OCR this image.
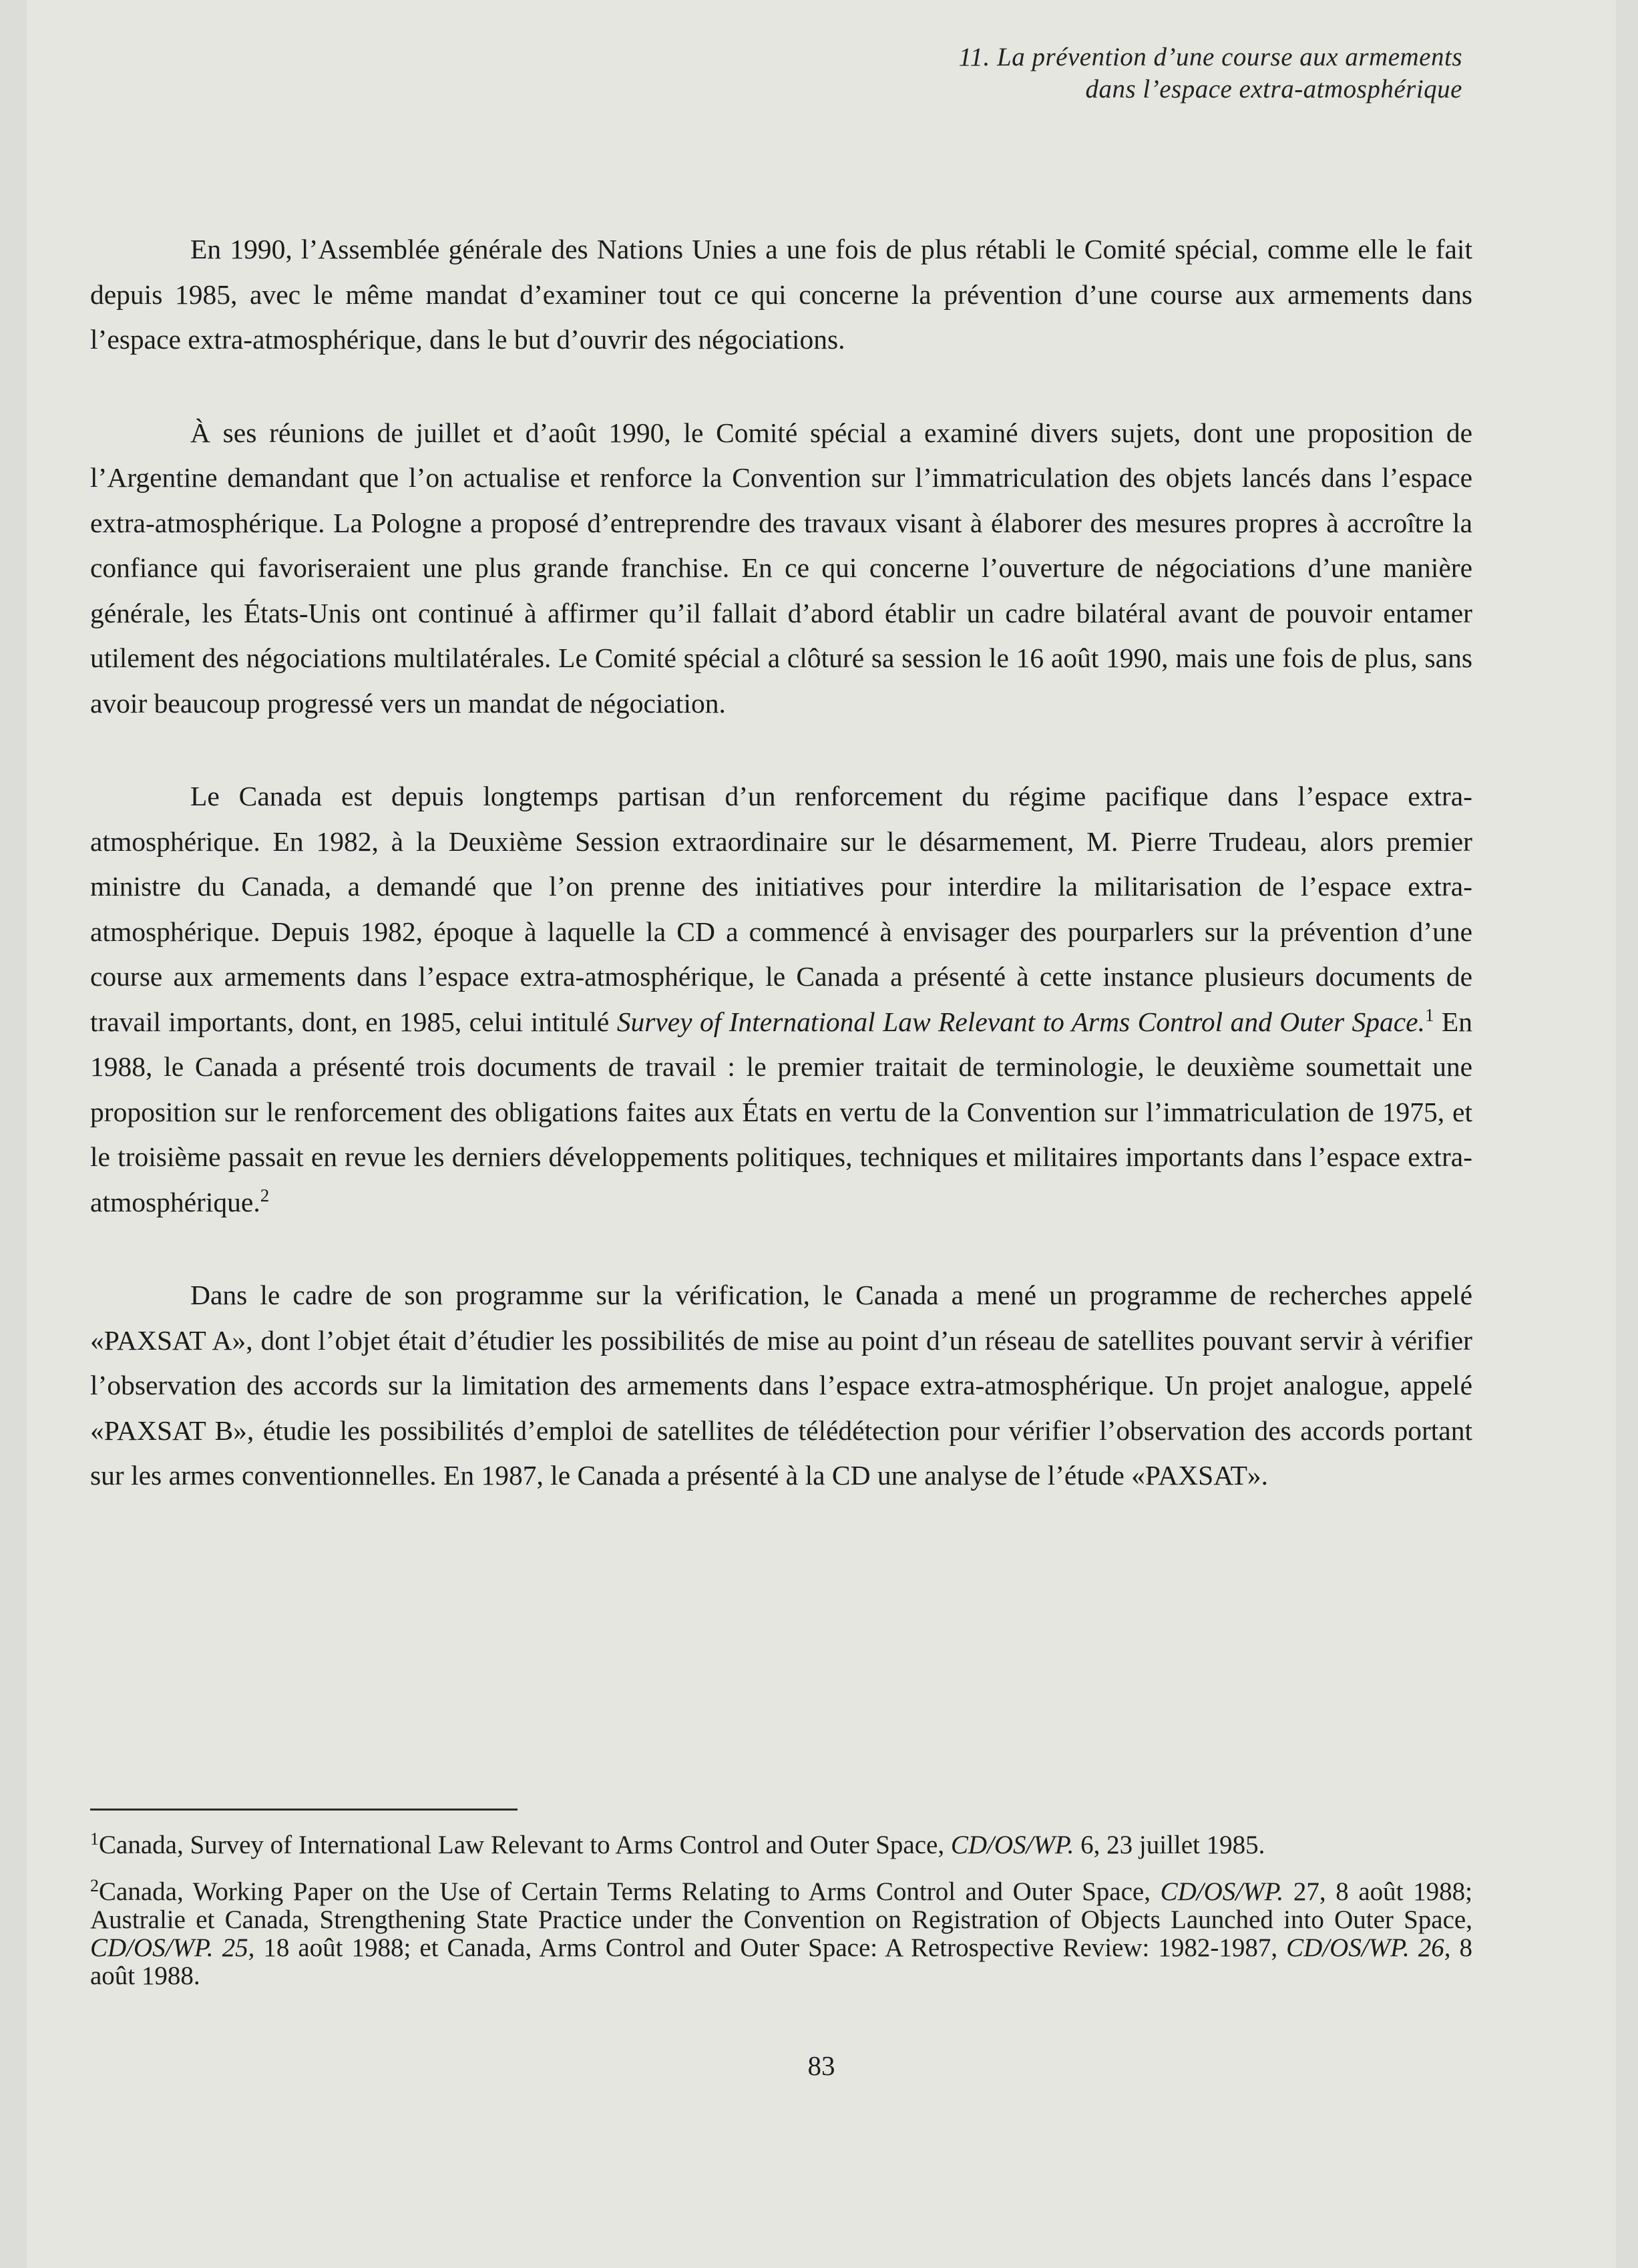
11. La prévention d’une course aux armements
dans l’espace extra-atmosphérique

En 1990, l’Assemblée générale des Nations Unies a une fois de plus rétabli le Comité spécial, comme elle le fait depuis 1985, avec le même mandat d’examiner tout ce qui concerne la prévention d’une course aux armements dans l’espace extra-atmosphérique, dans le but d’ouvrir des négociations.

À ses réunions de juillet et d’août 1990, le Comité spécial a examiné divers sujets, dont une proposition de l’Argentine demandant que l’on actualise et renforce la Convention sur l’immatriculation des objets lancés dans l’espace extra-atmosphérique. La Pologne a proposé d’entreprendre des travaux visant à élaborer des mesures propres à accroître la confiance qui favoriseraient une plus grande franchise. En ce qui concerne l’ouverture de négociations d’une manière générale, les États-Unis ont continué à affirmer qu’il fallait d’abord établir un cadre bilatéral avant de pouvoir entamer utilement des négociations multilatérales. Le Comité spécial a clôturé sa session le 16 août 1990, mais une fois de plus, sans avoir beaucoup progressé vers un mandat de négociation.

Le Canada est depuis longtemps partisan d’un renforcement du régime pacifique dans l’espace extra-atmosphérique. En 1982, à la Deuxième Session extraordinaire sur le désarmement, M. Pierre Trudeau, alors premier ministre du Canada, a demandé que l’on prenne des initiatives pour interdire la militarisation de l’espace extra-atmosphérique. Depuis 1982, époque à laquelle la CD a commencé à envisager des pourparlers sur la prévention d’une course aux armements dans l’espace extra-atmosphérique, le Canada a présenté à cette instance plusieurs documents de travail importants, dont, en 1985, celui intitulé Survey of International Law Relevant to Arms Control and Outer Space.$^1$ En 1988, le Canada a présenté trois documents de travail : le premier traitait de terminologie, le deuxième soumettait une proposition sur le renforcement des obligations faites aux États en vertu de la Convention sur l’immatriculation de 1975, et le troisième passait en revue les derniers développements politiques, techniques et militaires importants dans l’espace extra-atmosphérique.$^2$

Dans le cadre de son programme sur la vérification, le Canada a mené un programme de recherches appelé «PAXSAT A», dont l’objet était d’étudier les possibilités de mise au point d’un réseau de satellites pouvant servir à vérifier l’observation des accords sur la limitation des armements dans l’espace extra-atmosphérique. Un projet analogue, appelé «PAXSAT B», étudie les possibilités d’emploi de satellites de télédétection pour vérifier l’observation des accords portant sur les armes conventionnelles. En 1987, le Canada a présenté à la CD une analyse de l’étude «PAXSAT».

$^1$Canada, Survey of International Law Relevant to Arms Control and Outer Space, CD/OS/WP. 6, 23 juillet 1985.

$^2$Canada, Working Paper on the Use of Certain Terms Relating to Arms Control and Outer Space, CD/OS/WP. 27, 8 août 1988; Australie et Canada, Strengthening State Practice under the Convention on Registration of Objects Launched into Outer Space, CD/OS/WP. 25, 18 août 1988; et Canada, Arms Control and Outer Space: A Retrospective Review: 1982-1987, CD/OS/WP. 26, 8 août 1988.

83
